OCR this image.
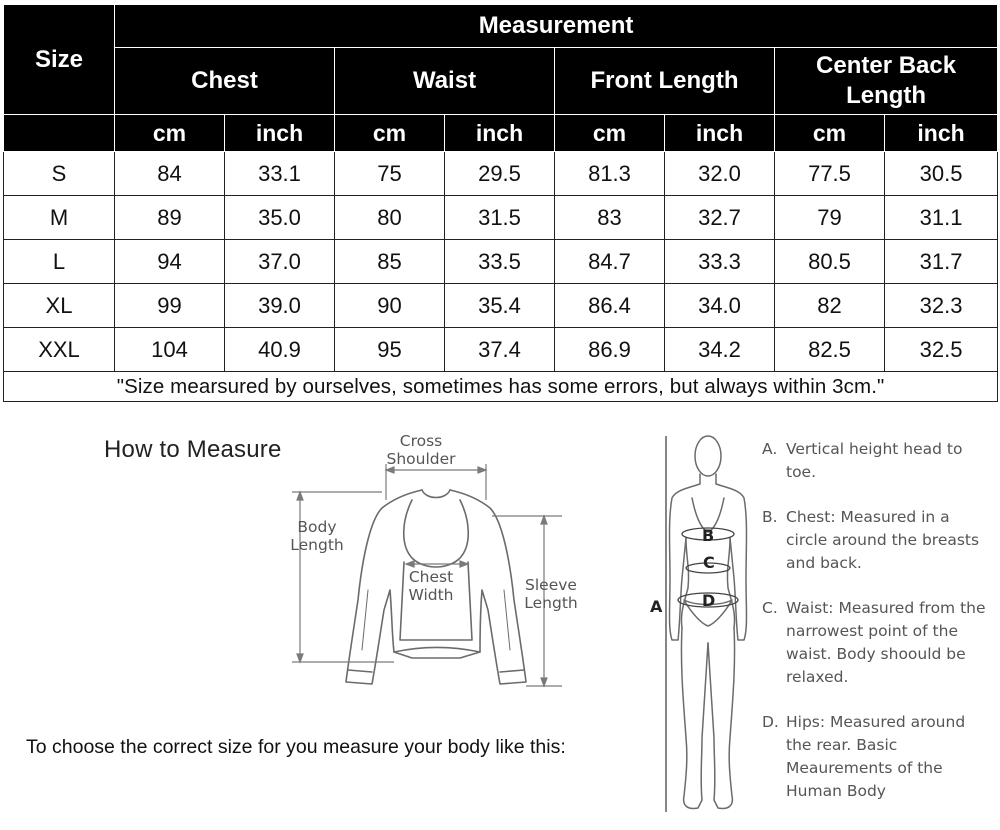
Size	Measurement							
	Chest		Waist		Front Length		Center Back Length	
	cm	inch	cm	inch	cm	inch	cm	inch
S	84	33.1	75	29.5	81.3	32.0	77.5	30.5
M	89	35.0	80	31.5	83	32.7	79	31.1
L	94	37.0	85	33.5	84.7	33.3	80.5	31.7
XL	99	39.0	90	35.4	86.4	34.0	82	32.3
XXL	104	40.9	95	37.4	86.9	34.2	82.5	32.5
"Size mearsured by ourselves, sometimes has some errors, but always within 3cm."								
How to Measure	Cross
Shoulder
Body
Length
Chest
Width
Sleeve
Length
To choose the correct size for you measure your body like this:
A
B
C
D

A. Vertical height head to toe.

B. Chest: Measured in a circle around the breasts and back.

C. Waist: Measured from the narrowest point of the waist. Body shoould be relaxed.

D. Hips: Measured around the rear. Basic Meaurements of the Human Body
